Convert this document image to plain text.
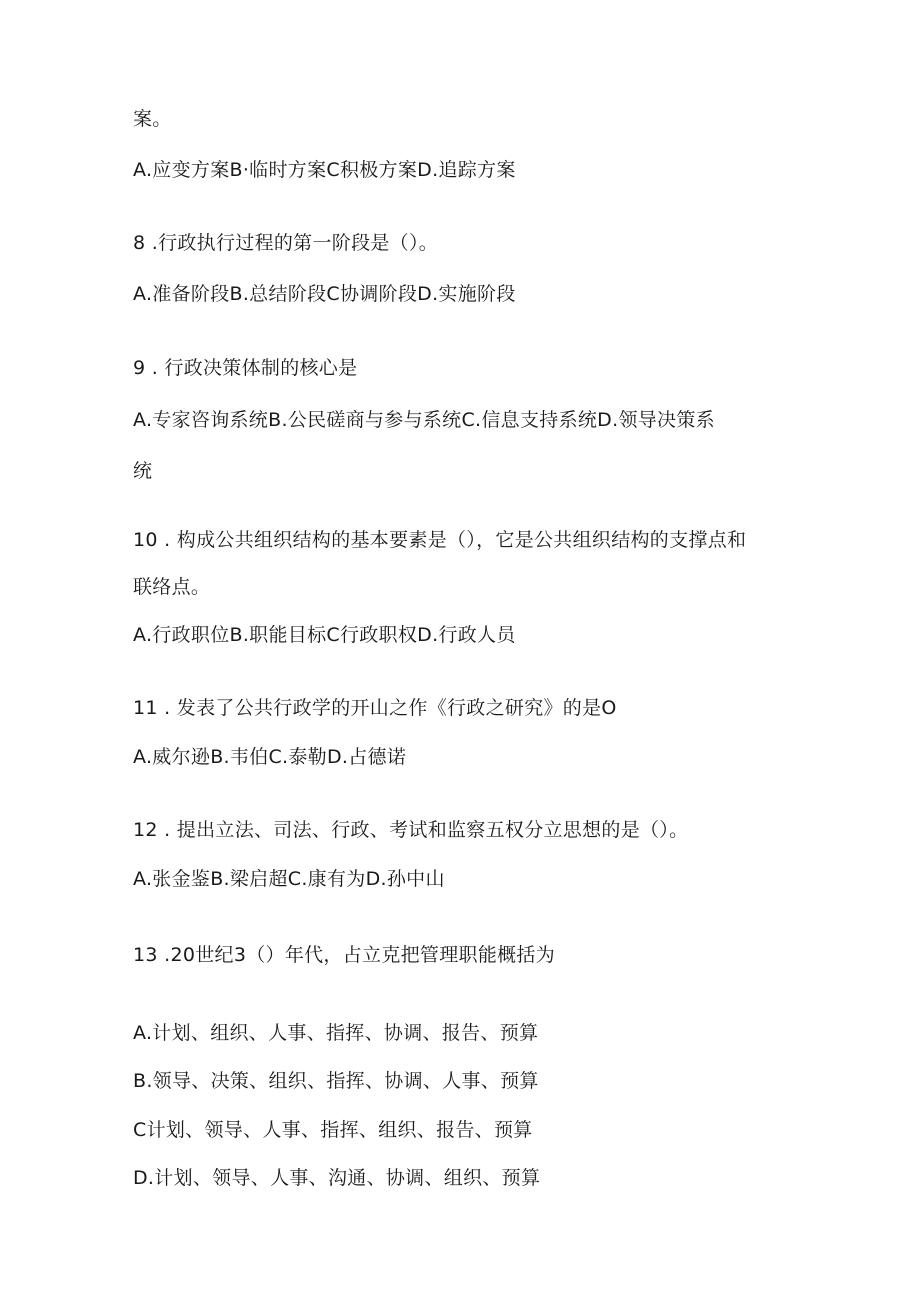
案。
A.应变方案B·临时方案C积极方案D.追踪方案
8 .行政执行过程的第一阶段是（）。
A.准备阶段B.总结阶段C协调阶段D.实施阶段
9 . 行政决策体制的核心是
A.专家咨询系统B.公民磋商与参与系统C.信息支持系统D.领导决策系
统
10 . 构成公共组织结构的基本要素是（），它是公共组织结构的支撑点和
联络点。
A.行政职位B.职能目标C行政职权D.行政人员
11 . 发表了公共行政学的开山之作《行政之研究》的是O
A.威尔逊B.韦伯C.泰勒D.占德诺
12 . 提出立法、司法、行政、考试和监察五权分立思想的是（）。
A.张金鉴B.梁启超C.康有为D.孙中山
13 .20世纪3（）年代，占立克把管理职能概括为
A.计划、组织、人事、指挥、协调、报告、预算
B.领导、决策、组织、指挥、协调、人事、预算
C计划、领导、人事、指挥、组织、报告、预算
D.计划、领导、人事、沟通、协调、组织、预算
